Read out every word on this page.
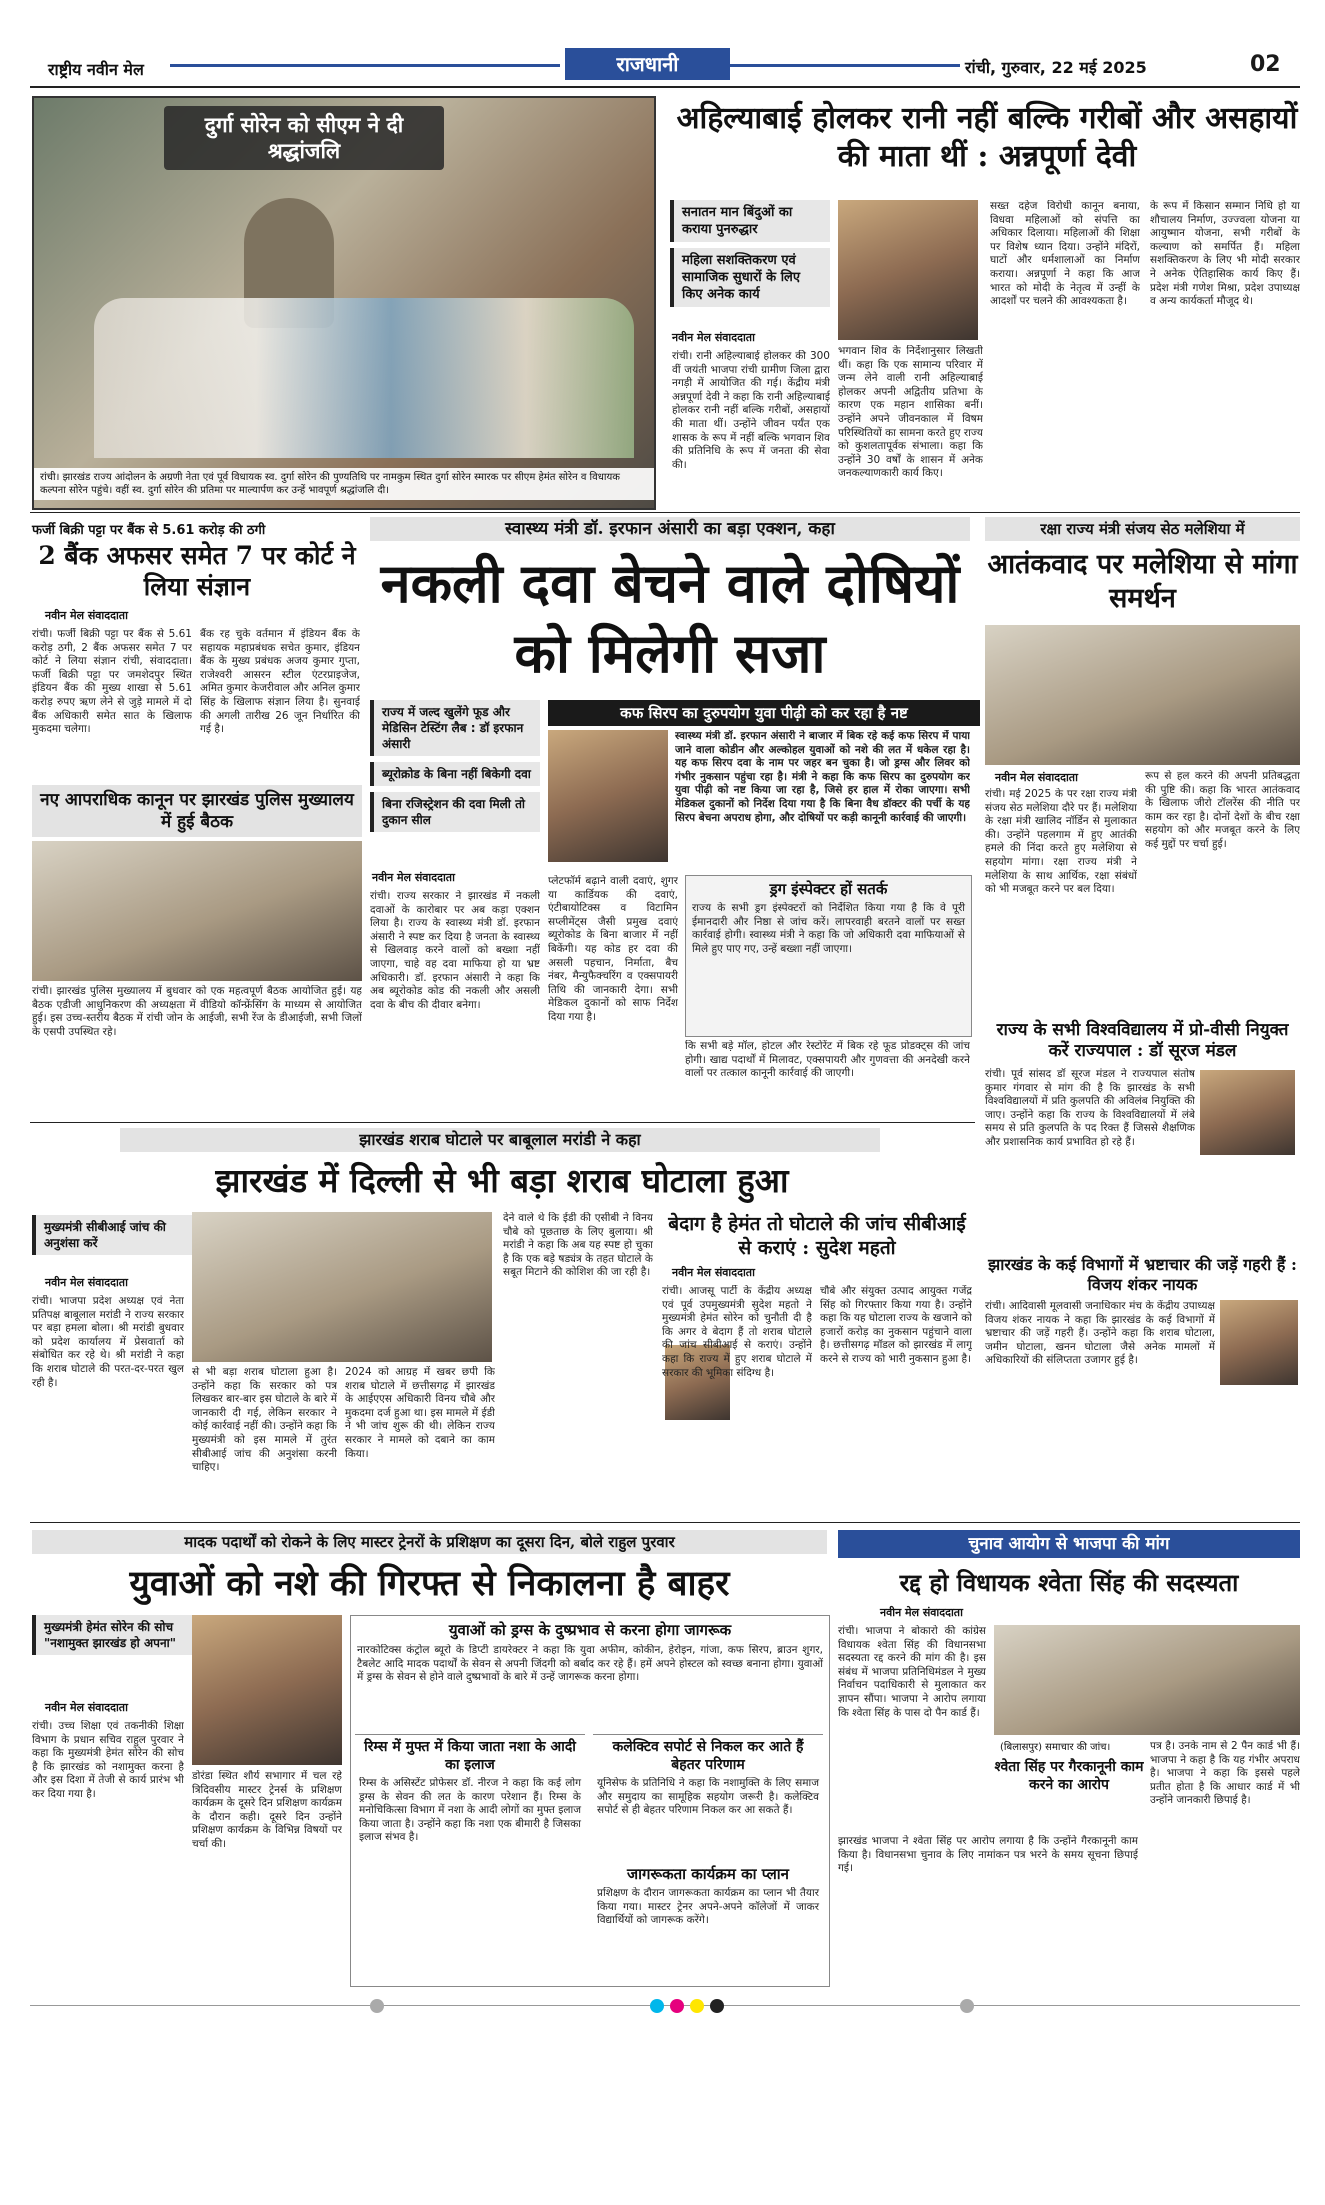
राष्ट्रीय नवीन मेल	राजधानी	रांची, गुरुवार, 22 मई 2025	02
दुर्गा सोरेन को सीएम ने दी श्रद्धांजलि
रांची। झारखंड राज्य आंदोलन के अग्रणी नेता एवं पूर्व विधायक स्व. दुर्गा सोरेन की पुण्यतिथि पर नामकुम स्थित दुर्गा सोरेन स्मारक पर सीएम हेमंत सोरेन व विधायक कल्पना सोरेन पहुंचे। वहीं स्व. दुर्गा सोरेन की प्रतिमा पर माल्यार्पण कर उन्हें भावपूर्ण श्रद्धांजलि दी।
अहिल्याबाई होलकर रानी नहीं बल्कि गरीबों और असहायों की माता थीं : अन्नपूर्णा देवी
सनातन मान बिंदुओं का कराया पुनरुद्धार
महिला सशक्तिकरण एवं सामाजिक सुधारों के लिए किए अनेक कार्य
नवीन मेल संवाददाता
रांची। रानी अहिल्याबाई होलकर की 300 वीं जयंती भाजपा रांची ग्रामीण जिला द्वारा नगड़ी में आयोजित की गई। केंद्रीय मंत्री अन्नपूर्णा देवी ने कहा कि रानी अहिल्याबाई होलकर रानी नहीं बल्कि गरीबों, असहायों की माता थीं। उन्होंने जीवन पर्यंत एक शासक के रूप में नहीं बल्कि भगवान शिव की प्रतिनिधि के रूप में जनता की सेवा की।
भगवान शिव के निर्देशानुसार लिखती थीं। कहा कि एक सामान्य परिवार में जन्म लेने वाली रानी अहिल्याबाई होलकर अपनी अद्वितीय प्रतिभा के कारण एक महान शासिका बनीं। उन्होंने अपने जीवनकाल में विषम परिस्थितियों का सामना करते हुए राज्य को कुशलतापूर्वक संभाला। कहा कि उन्होंने 30 वर्षों के शासन में अनेक जनकल्याणकारी कार्य किए।
सख्त दहेज विरोधी कानून बनाया, विधवा महिलाओं को संपत्ति का अधिकार दिलाया। महिलाओं की शिक्षा पर विशेष ध्यान दिया। उन्होंने मंदिरों, घाटों और धर्मशालाओं का निर्माण कराया। अन्नपूर्णा ने कहा कि आज भारत को मोदी के नेतृत्व में उन्हीं के आदर्शों पर चलने की आवश्यकता है।
के रूप में किसान सम्मान निधि हो या शौचालय निर्माण, उज्ज्वला योजना या आयुष्मान योजना, सभी गरीबों के कल्याण को समर्पित हैं। महिला सशक्तिकरण के लिए भी मोदी सरकार ने अनेक ऐतिहासिक कार्य किए हैं। प्रदेश मंत्री गणेश मिश्रा, प्रदेश उपाध्यक्ष व अन्य कार्यकर्ता मौजूद थे।
फर्जी बिक्री पट्टा पर बैंक से 5.61 करोड़ की ठगी
2 बैंक अफसर समेत 7 पर कोर्ट ने लिया संज्ञान
नवीन मेल संवाददाता
रांची। फर्जी बिक्री पट्टा पर बैंक से 5.61 करोड़ ठगी, 2 बैंक अफसर समेत 7 पर कोर्ट ने लिया संज्ञान रांची, संवाददाता। फर्जी बिक्री पट्टा पर जमशेदपुर स्थित इंडियन बैंक की मुख्य शाखा से 5.61 करोड़ रुपए ऋण लेने से जुड़े मामले में दो बैंक अधिकारी समेत सात के खिलाफ मुकदमा चलेगा।
बैंक रह चुके वर्तमान में इंडियन बैंक के सहायक महाप्रबंधक सचेत कुमार, इंडियन बैंक के मुख्य प्रबंधक अजय कुमार गुप्ता, राजेश्वरी आसरन स्टील एंटरप्राइजेज, अमित कुमार केजरीवाल और अनिल कुमार सिंह के खिलाफ संज्ञान लिया है। सुनवाई की अगली तारीख 26 जून निर्धारित की गई है।
नए आपराधिक कानून पर झारखंड पुलिस मुख्यालय में हुई बैठक
रांची। झारखंड पुलिस मुख्यालय में बुधवार को एक महत्वपूर्ण बैठक आयोजित हुई। यह बैठक एडीजी आधुनिकरण की अध्यक्षता में वीडियो कॉन्फ्रेंसिंग के माध्यम से आयोजित हुई। इस उच्च-स्तरीय बैठक में रांची जोन के आईजी, सभी रेंज के डीआईजी, सभी जिलों के एसपी उपस्थित रहे।
स्वास्थ्य मंत्री डॉ. इरफान अंसारी का बड़ा एक्शन, कहा
नकली दवा बेचने वाले दोषियों को मिलेगी सजा
राज्य में जल्द खुलेंगे फूड और मेडिसिन टेस्टिंग लैब : डॉ इरफान अंसारी
ब्यूरोक्रोड के बिना नहीं बिकेगी दवा
बिना रजिस्ट्रेशन की दवा मिली तो दुकान सील
नवीन मेल संवाददाता
कफ सिरप का दुरुपयोग युवा पीढ़ी को कर रहा है नष्ट
स्वास्थ्य मंत्री डॉ. इरफान अंसारी ने बाजार में बिक रहे कई कफ सिरप में पाया जाने वाला कोडीन और अल्कोहल युवाओं को नशे की लत में धकेल रहा है। यह कफ सिरप दवा के नाम पर जहर बन चुका है। जो ड्रग्स और लिवर को गंभीर नुकसान पहुंचा रहा है। मंत्री ने कहा कि कफ सिरप का दुरुपयोग कर युवा पीढ़ी को नष्ट किया जा रहा है, जिसे हर हाल में रोका जाएगा। सभी मेडिकल दुकानों को निर्देश दिया गया है कि बिना वैध डॉक्टर की पर्ची के यह सिरप बेचना अपराध होगा, और दोषियों पर कड़ी कानूनी कार्रवाई की जाएगी।
रांची। राज्य सरकार ने झारखंड में नकली दवाओं के कारोबार पर अब कड़ा एक्शन लिया है। राज्य के स्वास्थ्य मंत्री डॉ. इरफान अंसारी ने स्पष्ट कर दिया है जनता के स्वास्थ्य से खिलवाड़ करने वालों को बख्शा नहीं जाएगा, चाहे वह दवा माफिया हो या भ्रष्ट अधिकारी। डॉ. इरफान अंसारी ने कहा कि अब ब्यूरोकोड कोड की नकली और असली दवा के बीच की दीवार बनेगा।
प्लेटफॉर्म बढ़ाने वाली दवाएं, शुगर या कार्डियक की दवाएं, एंटीबायोटिक्स व विटामिन सप्लीमेंट्स जैसी प्रमुख दवाएं ब्यूरोकोड के बिना बाजार में नहीं बिकेंगी। यह कोड हर दवा की असली पहचान, निर्माता, बैच नंबर, मैन्युफैक्चरिंग व एक्सपायरी तिथि की जानकारी देगा। सभी मेडिकल दुकानों को साफ निर्देश दिया गया है।
ड्रग इंस्पेक्टर हों सतर्क
राज्य के सभी ड्रग इंस्पेक्टरों को निर्देशित किया गया है कि वे पूरी ईमानदारी और निष्ठा से जांच करें। लापरवाही बरतने वालों पर सख्त कार्रवाई होगी। स्वास्थ्य मंत्री ने कहा कि जो अधिकारी दवा माफियाओं से मिले हुए पाए गए, उन्हें बख्शा नहीं जाएगा।
कि सभी बड़े मॉल, होटल और रेस्टोरेंट में बिक रहे फूड प्रोडक्ट्स की जांच होगी। खाद्य पदार्थों में मिलावट, एक्सपायरी और गुणवत्ता की अनदेखी करने वालों पर तत्काल कानूनी कार्रवाई की जाएगी।
रक्षा राज्य मंत्री संजय सेठ मलेशिया में
आतंकवाद पर मलेशिया से मांगा समर्थन
नवीन मेल संवाददाता
रांची। मई 2025 के पर रक्षा राज्य मंत्री संजय सेठ मलेशिया दौरे पर हैं। मलेशिया के रक्षा मंत्री खालिद नॉर्डिन से मुलाकात की। उन्होंने पहलगाम में हुए आतंकी हमले की निंदा करते हुए मलेशिया से सहयोग मांगा। रक्षा राज्य मंत्री ने मलेशिया के साथ आर्थिक, रक्षा संबंधों को भी मजबूत करने पर बल दिया।
रूप से हल करने की अपनी प्रतिबद्धता की पुष्टि की। कहा कि भारत आतंकवाद के खिलाफ जीरो टॉलरेंस की नीति पर काम कर रहा है। दोनों देशों के बीच रक्षा सहयोग को और मजबूत करने के लिए कई मुद्दों पर चर्चा हुई।
राज्य के सभी विश्वविद्यालय में प्रो-वीसी नियुक्त करें राज्यपाल : डॉ सूरज मंडल
रांची। पूर्व सांसद डॉ सूरज मंडल ने राज्यपाल संतोष कुमार गंगवार से मांग की है कि झारखंड के सभी विश्वविद्यालयों में प्रति कुलपति की अविलंब नियुक्ति की जाए। उन्होंने कहा कि राज्य के विश्वविद्यालयों में लंबे समय से प्रति कुलपति के पद रिक्त हैं जिससे शैक्षणिक और प्रशासनिक कार्य प्रभावित हो रहे हैं।
झारखंड के कई विभागों में भ्रष्टाचार की जड़ें गहरी हैं : विजय शंकर नायक
रांची। आदिवासी मूलवासी जनाधिकार मंच के केंद्रीय उपाध्यक्ष विजय शंकर नायक ने कहा कि झारखंड के कई विभागों में भ्रष्टाचार की जड़ें गहरी हैं। उन्होंने कहा कि शराब घोटाला, जमीन घोटाला, खनन घोटाला जैसे अनेक मामलों में अधिकारियों की संलिप्तता उजागर हुई है।
झारखंड शराब घोटाले पर बाबूलाल मरांडी ने कहा
झारखंड में दिल्ली से भी बड़ा शराब घोटाला हुआ
मुख्यमंत्री सीबीआई जांच की अनुशंसा करें
नवीन मेल संवाददाता
रांची। भाजपा प्रदेश अध्यक्ष एवं नेता प्रतिपक्ष बाबूलाल मरांडी ने राज्य सरकार पर बड़ा हमला बोला। श्री मरांडी बुधवार को प्रदेश कार्यालय में प्रेसवार्ता को संबोधित कर रहे थे। श्री मरांडी ने कहा कि शराब घोटाले की परत-दर-परत खुल रही है।
से भी बड़ा शराब घोटाला हुआ है। उन्होंने कहा कि सरकार को पत्र लिखकर बार-बार इस घोटाले के बारे में जानकारी दी गई, लेकिन सरकार ने कोई कार्रवाई नहीं की। उन्होंने कहा कि मुख्यमंत्री को इस मामले में तुरंत सीबीआई जांच की अनुशंसा करनी चाहिए।
2024 को आग्रह में खबर छपी कि शराब घोटाले में छत्तीसगढ़ में झारखंड के आईएएस अधिकारी विनय चौबे और मुकदमा दर्ज हुआ था। इस मामले में ईडी ने भी जांच शुरू की थी। लेकिन राज्य सरकार ने मामले को दबाने का काम किया।
देने वाले थे कि ईडी की एसीबी ने विनय चौबे को पूछताछ के लिए बुलाया। श्री मरांडी ने कहा कि अब यह स्पष्ट हो चुका है कि एक बड़े षड्यंत्र के तहत घोटाले के सबूत मिटाने की कोशिश की जा रही है।
बेदाग है हेमंत तो घोटाले की जांच सीबीआई से कराएं : सुदेश महतो
नवीन मेल संवाददाता
रांची। आजसू पार्टी के केंद्रीय अध्यक्ष एवं पूर्व उपमुख्यमंत्री सुदेश महतो ने मुख्यमंत्री हेमंत सोरेन को चुनौती दी है कि अगर वे बेदाग हैं तो शराब घोटाले की जांच सीबीआई से कराएं। उन्होंने कहा कि राज्य में हुए शराब घोटाले में सरकार की भूमिका संदिग्ध है।
चौबे और संयुक्त उत्पाद आयुक्त गजेंद्र सिंह को गिरफ्तार किया गया है। उन्होंने कहा कि यह घोटाला राज्य के खजाने को हजारों करोड़ का नुकसान पहुंचाने वाला है। छत्तीसगढ़ मॉडल को झारखंड में लागू करने से राज्य को भारी नुकसान हुआ है।
मादक पदार्थों को रोकने के लिए मास्टर ट्रेनरों के प्रशिक्षण का दूसरा दिन, बोले राहुल पुरवार
युवाओं को नशे की गिरफ्त से निकालना है बाहर
मुख्यमंत्री हेमंत सोरेन की सोच "नशामुक्त झारखंड हो अपना"
नवीन मेल संवाददाता
रांची। उच्च शिक्षा एवं तकनीकी शिक्षा विभाग के प्रधान सचिव राहुल पुरवार ने कहा कि मुख्यमंत्री हेमंत सोरेन की सोच है कि झारखंड को नशामुक्त करना है और इस दिशा में तेजी से कार्य प्रारंभ भी कर दिया गया है।
डोरंडा स्थित शौर्य सभागार में चल रहे त्रिदिवसीय मास्टर ट्रेनर्स के प्रशिक्षण कार्यक्रम के दूसरे दिन प्रशिक्षण कार्यक्रम के दौरान कही। दूसरे दिन उन्होंने प्रशिक्षण कार्यक्रम के विभिन्न विषयों पर चर्चा की।
युवाओं को ड्रग्स के दुष्प्रभाव से करना होगा जागरूक
नारकोटिक्स कंट्रोल ब्यूरो के डिप्टी डायरेक्टर ने कहा कि युवा अफीम, कोकीन, हेरोइन, गांजा, कफ सिरप, ब्राउन शुगर, टैबलेट आदि मादक पदार्थों के सेवन से अपनी जिंदगी को बर्बाद कर रहे हैं। हमें अपने होस्टल को स्वच्छ बनाना होगा। युवाओं में ड्रग्स के सेवन से होने वाले दुष्प्रभावों के बारे में उन्हें जागरूक करना होगा।
रिम्स में मुफ्त में किया जाता नशा के आदी का इलाज
रिम्स के असिस्टेंट प्रोफेसर डॉ. नीरज ने कहा कि कई लोग ड्रग्स के सेवन की लत के कारण परेशान हैं। रिम्स के मनोचिकित्सा विभाग में नशा के आदी लोगों का मुफ्त इलाज किया जाता है। उन्होंने कहा कि नशा एक बीमारी है जिसका इलाज संभव है।
कलेक्टिव सपोर्ट से निकल कर आते हैं बेहतर परिणाम
यूनिसेफ के प्रतिनिधि ने कहा कि नशामुक्ति के लिए समाज और समुदाय का सामूहिक सहयोग जरूरी है। कलेक्टिव सपोर्ट से ही बेहतर परिणाम निकल कर आ सकते हैं।
जागरूकता कार्यक्रम का प्लान
प्रशिक्षण के दौरान जागरूकता कार्यक्रम का प्लान भी तैयार किया गया। मास्टर ट्रेनर अपने-अपने कॉलेजों में जाकर विद्यार्थियों को जागरूक करेंगे।
चुनाव आयोग से भाजपा की मांग
रद्द हो विधायक श्वेता सिंह की सदस्यता
नवीन मेल संवाददाता
रांची। भाजपा ने बोकारो की कांग्रेस विधायक श्वेता सिंह की विधानसभा सदस्यता रद्द करने की मांग की है। इस संबंध में भाजपा प्रतिनिधिमंडल ने मुख्य निर्वाचन पदाधिकारी से मुलाकात कर ज्ञापन सौंपा। भाजपा ने आरोप लगाया कि श्वेता सिंह के पास दो पैन कार्ड हैं।
(बिलासपुर) समाचार की जांच।
श्वेता सिंह पर गैरकानूनी काम करने का आरोप
झारखंड भाजपा ने श्वेता सिंह पर आरोप लगाया है कि उन्होंने गैरकानूनी काम किया है। विधानसभा चुनाव के लिए नामांकन पत्र भरने के समय सूचना छिपाई गई।
पत्र है। उनके नाम से 2 पैन कार्ड भी हैं। भाजपा ने कहा है कि यह गंभीर अपराध है। भाजपा ने कहा कि इससे पहले प्रतीत होता है कि आधार कार्ड में भी उन्होंने जानकारी छिपाई है।
